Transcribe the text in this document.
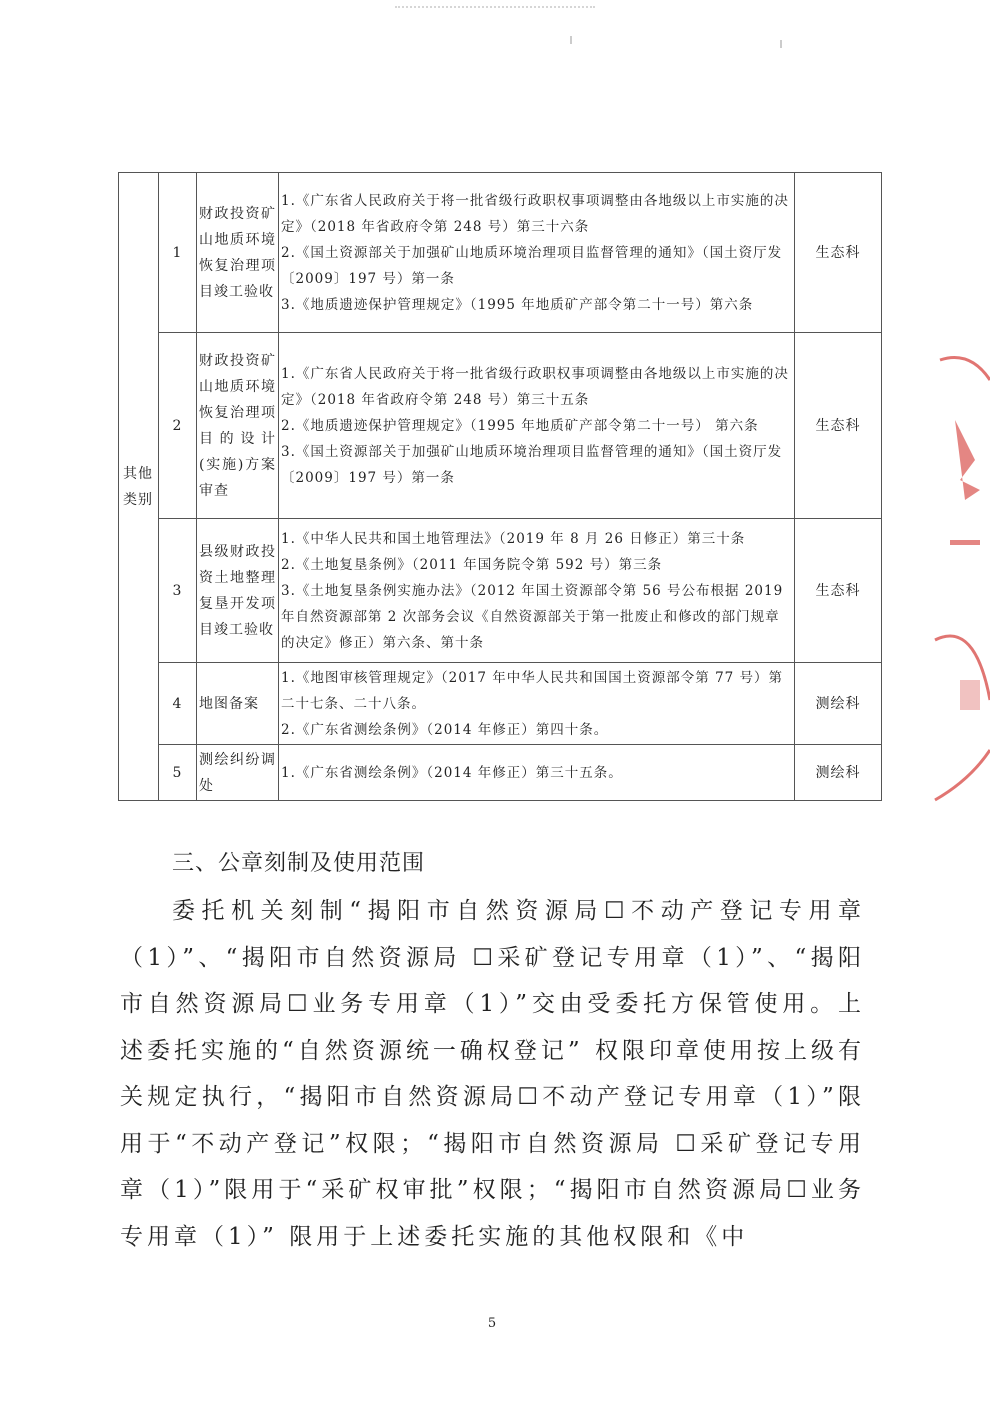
其他类别	1	财政投资矿山地质环境恢复治理项目竣工验收	1.《广东省人民政府关于将一批省级行政职权事项调整由各地级以上市实施的决定》（2018 年省政府令第 248 号）第三十六条
2.《国土资源部关于加强矿山地质环境治理项目监督管理的通知》（国土资厅发〔2009〕197 号）第一条
3.《地质遗迹保护管理规定》（1995 年地质矿产部令第二十一号）第六条	生态科
	2	财政投资矿山地质环境恢复治理项目的设计(实施)方案审查	1.《广东省人民政府关于将一批省级行政职权事项调整由各地级以上市实施的决定》（2018 年省政府令第 248 号）第三十五条
2.《地质遗迹保护管理规定》（1995 年地质矿产部令第二十一号） 第六条
3.《国土资源部关于加强矿山地质环境治理项目监督管理的通知》（国土资厅发〔2009〕197 号）第一条	生态科
	3	县级财政投资土地整理复垦开发项目竣工验收	1.《中华人民共和国土地管理法》（2019 年 8 月 26 日修正）第三十条
2.《土地复垦条例》（2011 年国务院令第 592 号）第三条
3.《土地复垦条例实施办法》（2012 年国土资源部令第 56 号公布根据 2019 年自然资源部第 2 次部务会议《自然资源部关于第一批废止和修改的部门规章的决定》修正）第六条、第十条	生态科
	4	地图备案	1.《地图审核管理规定》（2017 年中华人民共和国国土资源部令第 77 号）第二十七条、二十八条。
2.《广东省测绘条例》（2014 年修正）第四十条。	测绘科
	5	测绘纠纷调处	1.《广东省测绘条例》（2014 年修正）第三十五条。	测绘科
三、公章刻制及使用范围
委托机关刻制“揭阳市自然资源局☐不动产登记专用章（1）”、“揭阳市自然资源局 ☐采矿登记专用章（1）”、“揭阳市自然资源局☐业务专用章（1）”交由受委托方保管使用。上述委托实施的“自然资源统一确权登记” 权限印章使用按上级有关规定执行，“揭阳市自然资源局☐不动产登记专用章（1）”限用于“不动产登记”权限；“揭阳市自然资源局 ☐采矿登记专用章（1）”限用于“采矿权审批”权限；“揭阳市自然资源局☐业务专用章（1）” 限用于上述委托实施的其他权限和《中
5
